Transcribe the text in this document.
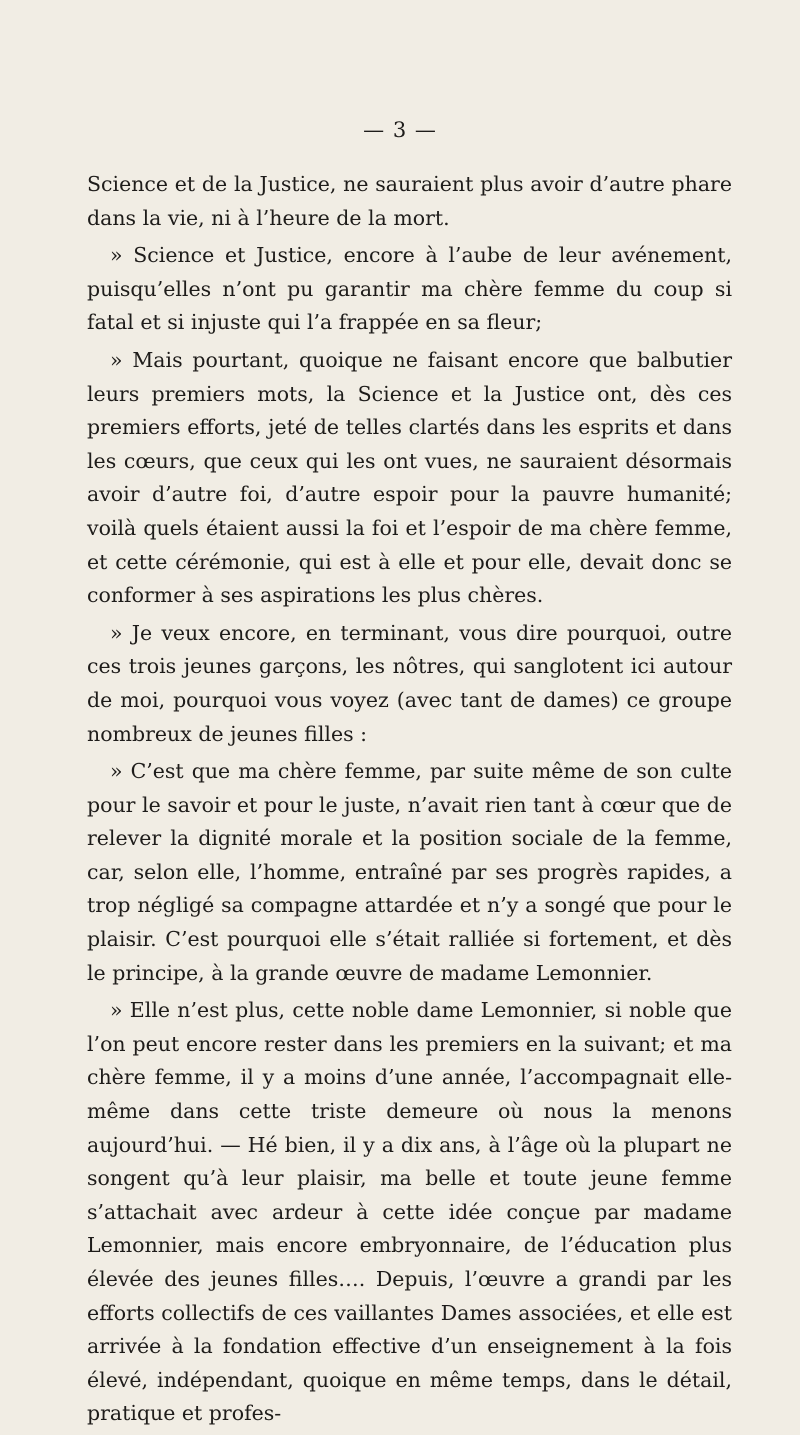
— 3 —

Science et de la Justice, ne sauraient plus avoir d’autre phare dans la vie, ni à l’heure de la mort.

» Science et Justice, encore à l’aube de leur avénement, puisqu’elles n’ont pu garantir ma chère femme du coup si fatal et si injuste qui l’a frappée en sa fleur;

» Mais pourtant, quoique ne faisant encore que balbutier leurs premiers mots, la Science et la Justice ont, dès ces premiers efforts, jeté de telles clartés dans les esprits et dans les cœurs, que ceux qui les ont vues, ne sauraient désormais avoir d’autre foi, d’autre espoir pour la pauvre humanité; voilà quels étaient aussi la foi et l’espoir de ma chère femme, et cette cérémonie, qui est à elle et pour elle, devait donc se conformer à ses aspirations les plus chères.

» Je veux encore, en terminant, vous dire pourquoi, outre ces trois jeunes garçons, les nôtres, qui sanglotent ici autour de moi, pourquoi vous voyez (avec tant de dames) ce groupe nombreux de jeunes filles :

» C’est que ma chère femme, par suite même de son culte pour le savoir et pour le juste, n’avait rien tant à cœur que de relever la dignité morale et la position sociale de la femme, car, selon elle, l’homme, entraîné par ses progrès rapides, a trop négligé sa compagne attardée et n’y a songé que pour le plaisir. C’est pourquoi elle s’était ralliée si fortement, et dès le principe, à la grande œuvre de madame Lemonnier.

» Elle n’est plus, cette noble dame Lemonnier, si noble que l’on peut encore rester dans les premiers en la suivant; et ma chère femme, il y a moins d’une année, l’accompagnait elle-même dans cette triste demeure où nous la menons aujourd’hui. — Hé bien, il y a dix ans, à l’âge où la plupart ne songent qu’à leur plaisir, ma belle et toute jeune femme s’attachait avec ardeur à cette idée conçue par madame Lemonnier, mais encore embryonnaire, de l’éducation plus élevée des jeunes filles…. Depuis, l’œuvre a grandi par les efforts collectifs de ces vaillantes Dames associées, et elle est arrivée à la fondation effective d’un enseignement à la fois élevé, indépendant, quoique en même temps, dans le détail, pratique et profes-
